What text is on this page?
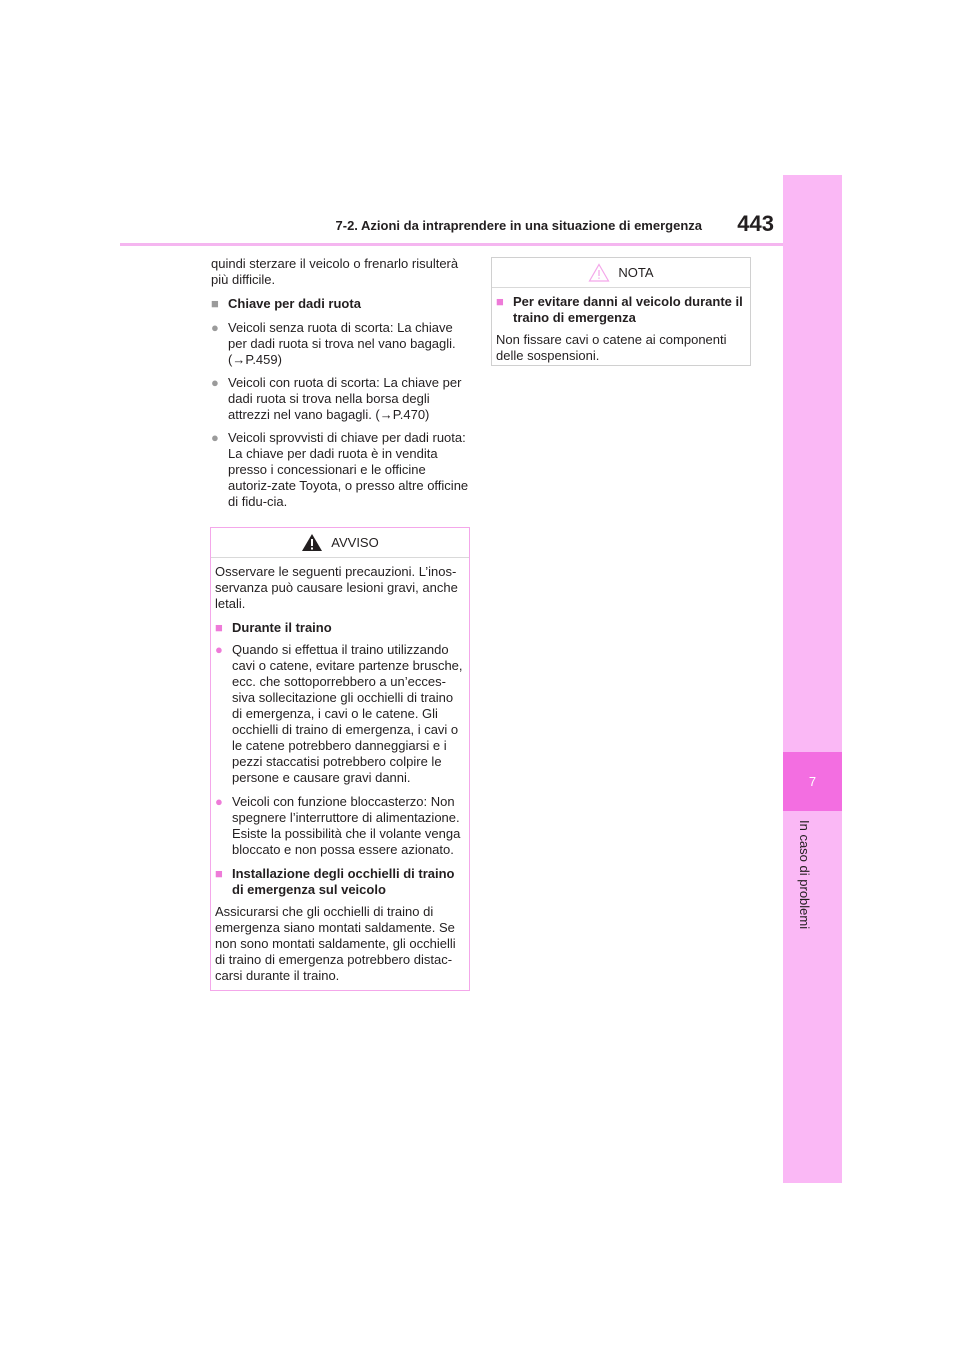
7-2. Azioni da intraprendere in una situazione di emergenza	443
7
In caso di problemi

quindi sterzare il veicolo o frenarlo risulterà più difficile.

■ Chiave per dadi ruota
● Veicoli senza ruota di scorta: La chiave per dadi ruota si trova nel vano bagagli. (→P.459)
● Veicoli con ruota di scorta: La chiave per dadi ruota si trova nella borsa degli attrezzi nel vano bagagli. (→P.470)
● Veicoli sprovvisti di chiave per dadi ruota: La chiave per dadi ruota è in vendita presso i concessionari e le officine autoriz-zate Toyota, o presso altre officine di fidu-cia.
AVVISO

Osservare le seguenti precauzioni. L’inos-servanza può causare lesioni gravi, anche letali.

■ Durante il traino
● Quando si effettua il traino utilizzando cavi o catene, evitare partenze brusche, ecc. che sottoporrebbero a un’ecces-siva sollecitazione gli occhielli di traino di emergenza, i cavi o le catene. Gli occhielli di traino di emergenza, i cavi o le catene potrebbero danneggiarsi e i pezzi staccatisi potrebbero colpire le persone e causare gravi danni.
● Veicoli con funzione bloccasterzo: Non spegnere l’interruttore di alimentazione. Esiste la possibilità che il volante venga bloccato e non possa essere azionato.
■ Installazione degli occhielli di traino di emergenza sul veicolo

Assicurarsi che gli occhielli di traino di emergenza siano montati saldamente. Se non sono montati saldamente, gli occhielli di traino di emergenza potrebbero distac-carsi durante il traino.

NOTA
■ Per evitare danni al veicolo durante il traino di emergenza

Non fissare cavi o catene ai componenti delle sospensioni.
